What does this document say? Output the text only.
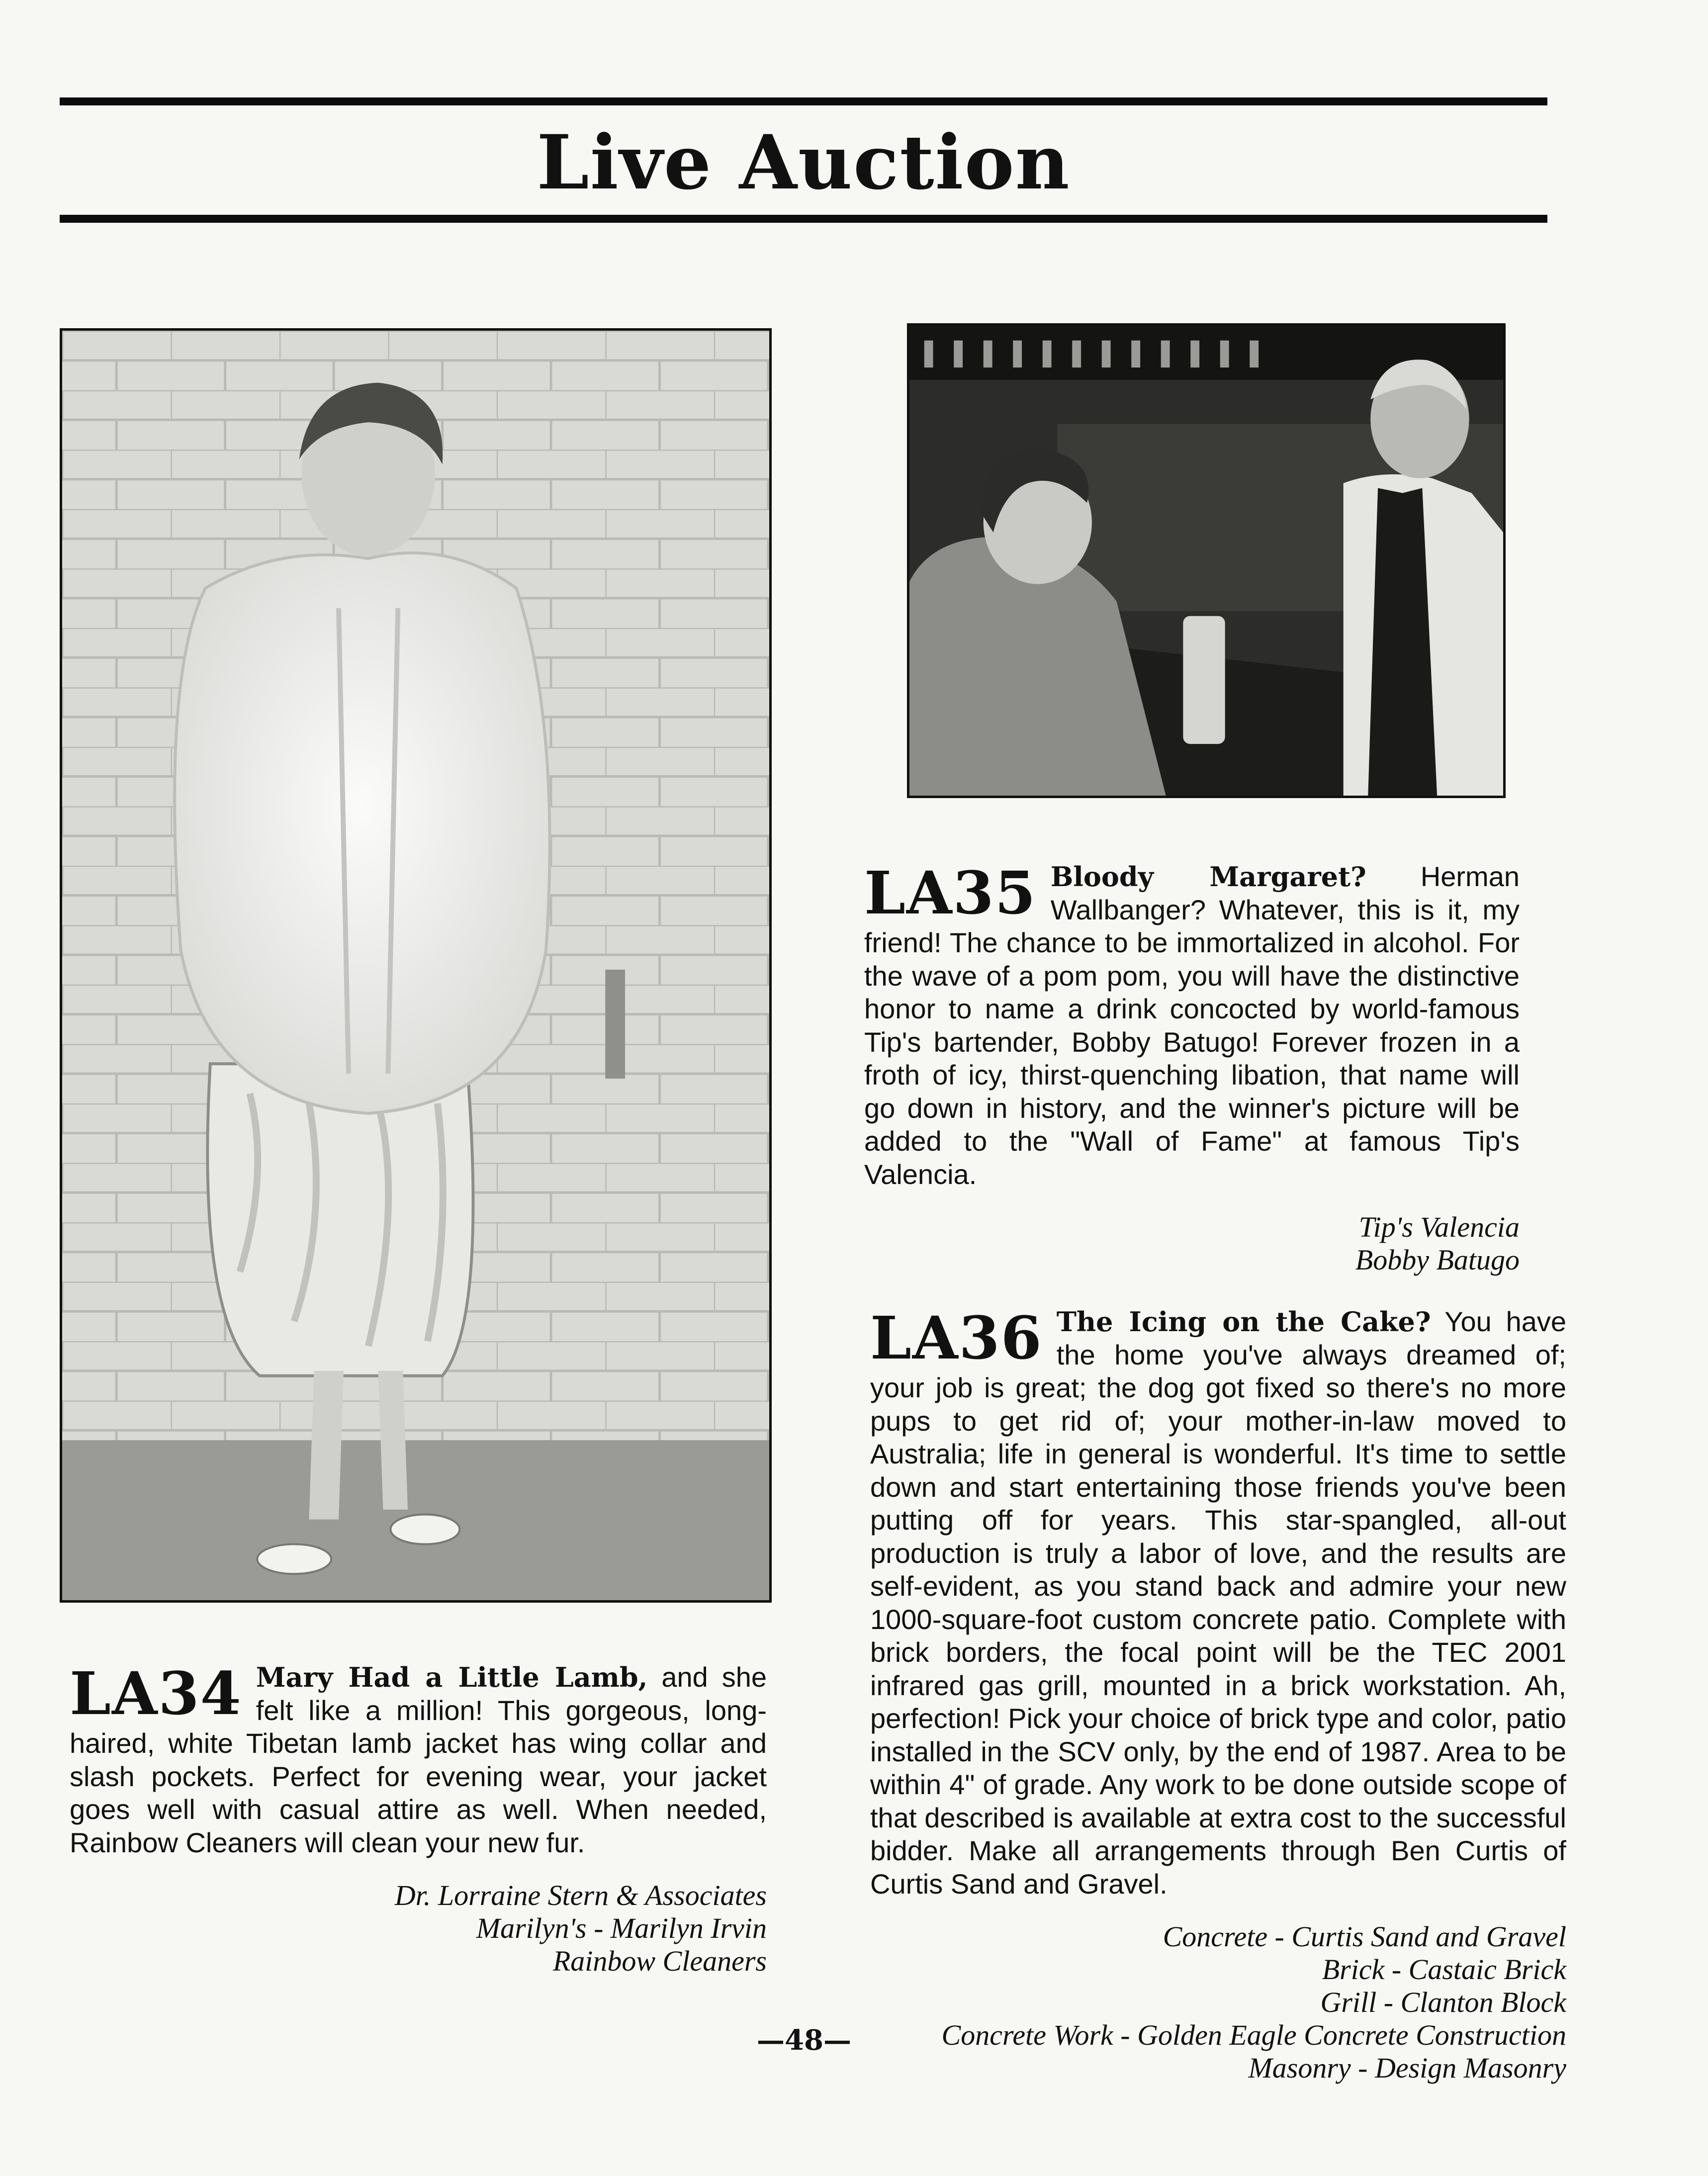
Live Auction

LA34 Mary Had a Little Lamb, and she felt like a million! This gorgeous, long-haired, white Tibetan lamb jacket has wing collar and slash pockets. Perfect for evening wear, your jacket goes well with casual attire as well. When needed, Rainbow Cleaners will clean your new fur.

Dr. Lorraine Stern & Associates
Marilyn's - Marilyn Irvin
Rainbow Cleaners

LA35 Bloody Margaret? Herman Wallbanger? Whatever, this is it, my friend! The chance to be immortalized in alcohol. For the wave of a pom pom, you will have the distinctive honor to name a drink concocted by world-famous Tip's bartender, Bobby Batugo! Forever frozen in a froth of icy, thirst-quenching libation, that name will go down in history, and the winner's picture will be added to the "Wall of Fame" at famous Tip's Valencia.

Tip's Valencia
Bobby Batugo

LA36 The Icing on the Cake? You have the home you've always dreamed of; your job is great; the dog got fixed so there's no more pups to get rid of; your mother-in-law moved to Australia; life in general is wonderful. It's time to settle down and start entertaining those friends you've been putting off for years. This star-spangled, all-out production is truly a labor of love, and the results are self-evident, as you stand back and admire your new 1000-square-foot custom concrete patio. Complete with brick borders, the focal point will be the TEC 2001 infrared gas grill, mounted in a brick workstation. Ah, perfection! Pick your choice of brick type and color, patio installed in the SCV only, by the end of 1987. Area to be within 4" of grade. Any work to be done outside scope of that described is available at extra cost to the successful bidder. Make all arrangements through Ben Curtis of Curtis Sand and Gravel.

Concrete - Curtis Sand and Gravel
Brick - Castaic Brick
Grill - Clanton Block
Concrete Work - Golden Eagle Concrete Construction
Masonry - Design Masonry
—48—
